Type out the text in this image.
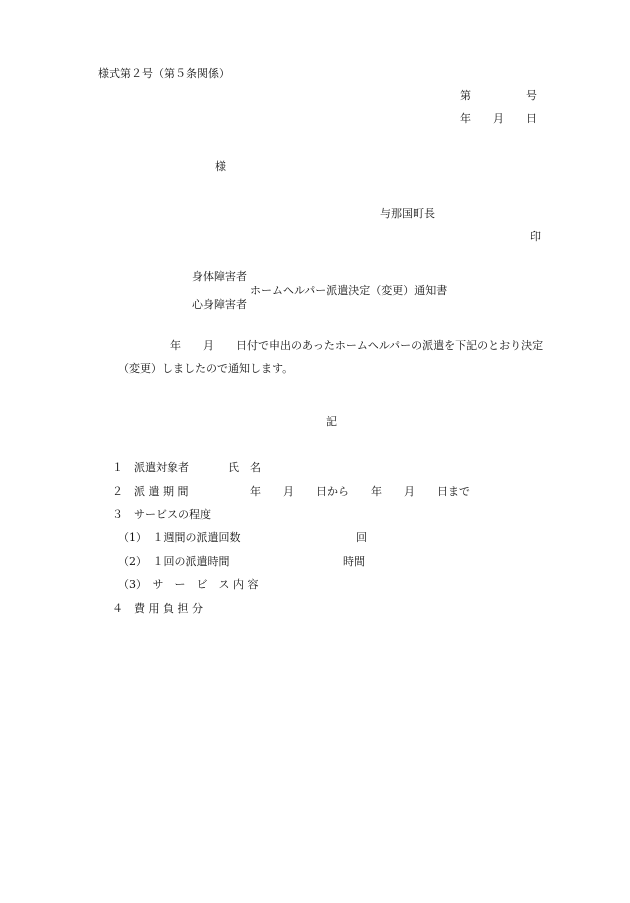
様式第２号（第５条関係）
第　　　　　号
年　　月　　日
様
与那国町長
印
身体障害者
ホームヘルパー派遣決定（変更）通知書
心身障害者
年　　月　　日付で申出のあったホームヘルパーの派遣を下記のとおり決定
（変更）しましたので通知します。
記
１　派遣対象者	氏　名
２　派 遣 期 間	年　　月　　日から　　年　　月　　日まで
３　サービスの程度
（1）　１週間の派遣回数	回
（2）　１回の派遣時間	時間
（3）　サ　ー　ビ　ス 内 容
４　費 用 負 担 分
